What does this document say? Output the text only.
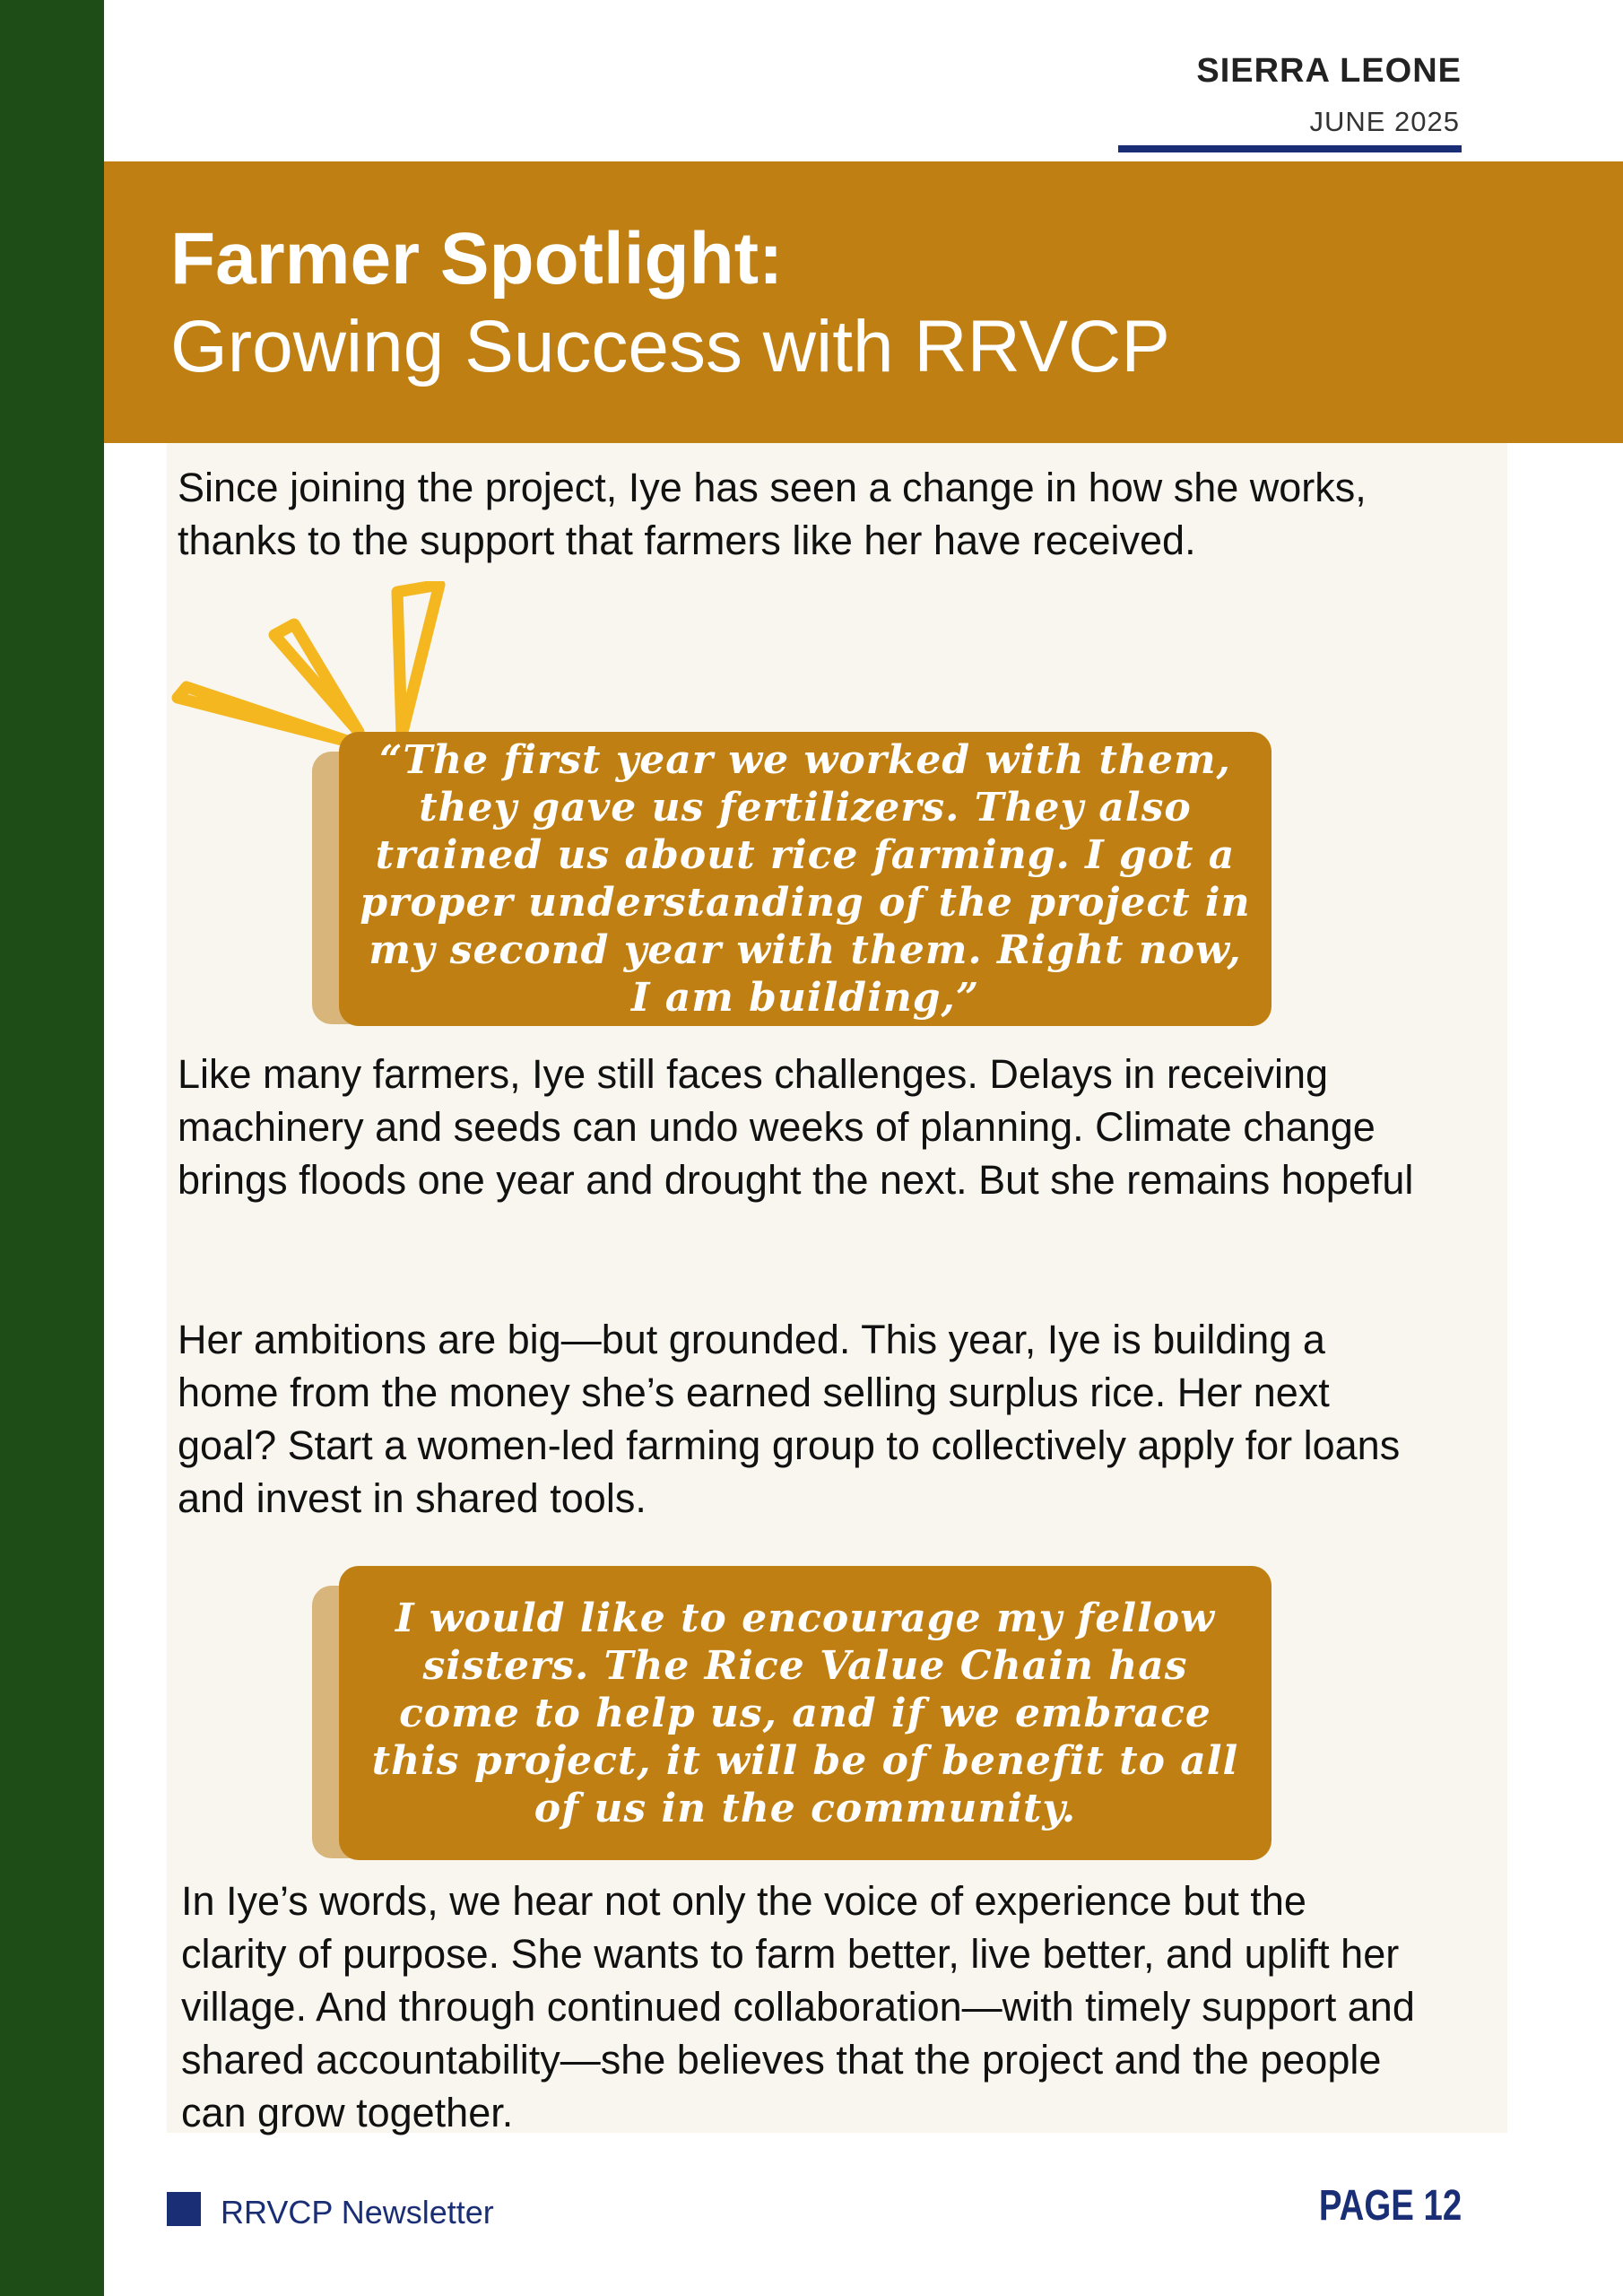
SIERRA LEONE
JUNE 2025
Farmer Spotlight:
Growing Success with RRVCP

Since joining the project, Iye has seen a change in how she works, thanks to the support that farmers like her have received.

“The first year we worked with them, they gave us fertilizers. They also trained us about rice farming. I got a proper understanding of the project in my second year with them. Right now, I am building,”

Like many farmers, Iye still faces challenges. Delays in receiving machinery and seeds can undo weeks of planning. Climate change brings floods one year and drought the next. But she remains hopeful

Her ambitions are big—but grounded. This year, Iye is building a home from the money she’s earned selling surplus rice. Her next goal? Start a women-led farming group to collectively apply for loans and invest in shared tools.

I would like to encourage my fellow sisters. The Rice Value Chain has come to help us, and if we embrace this project, it will be of benefit to all of us in the community.

In Iye’s words, we hear not only the voice of experience but the clarity of purpose. She wants to farm better, live better, and uplift her village. And through continued collaboration—with timely support and shared accountability—she believes that the project and the people can grow together.

RRVCP Newsletter	PAGE 12
